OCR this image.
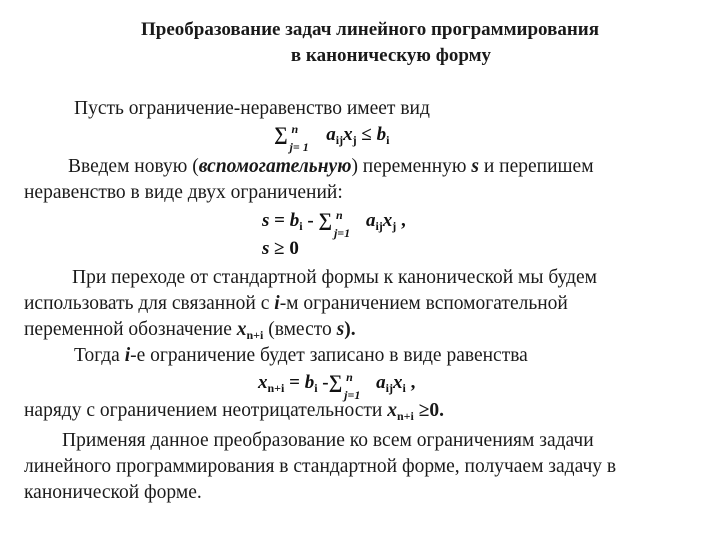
Преобразование задач линейного программирования
в каноническую форму
Пусть ограничение-неравенство имеет вид
∑ n
j= 1
$a_{ij}x_j \le b_i$
Введем новую (вспомогательную) переменную s и перепишем
неравенство в виде двух ограничений:
$s = b_i$ - ∑ n
j=1
$a_{ij}x_j$ ,
s ≥ 0
При переходе от стандартной формы к канонической мы будем
использовать для связанной с i-м ограничением вспомогательной
переменной обозначение $x_{n+i}$ (вместо s).
Тогда i-е ограничение будет записано в виде равенства
$x_{n+i} = b_i$ -∑ n
j=1
$a_{ij}x_i$ ,
наряду с ограничением неотрицательности $x_{n+i} \ge 0$.
Применяя данное преобразование ко всем ограничениям задачи
линейного программирования в стандартной форме, получаем задачу в
канонической форме.
